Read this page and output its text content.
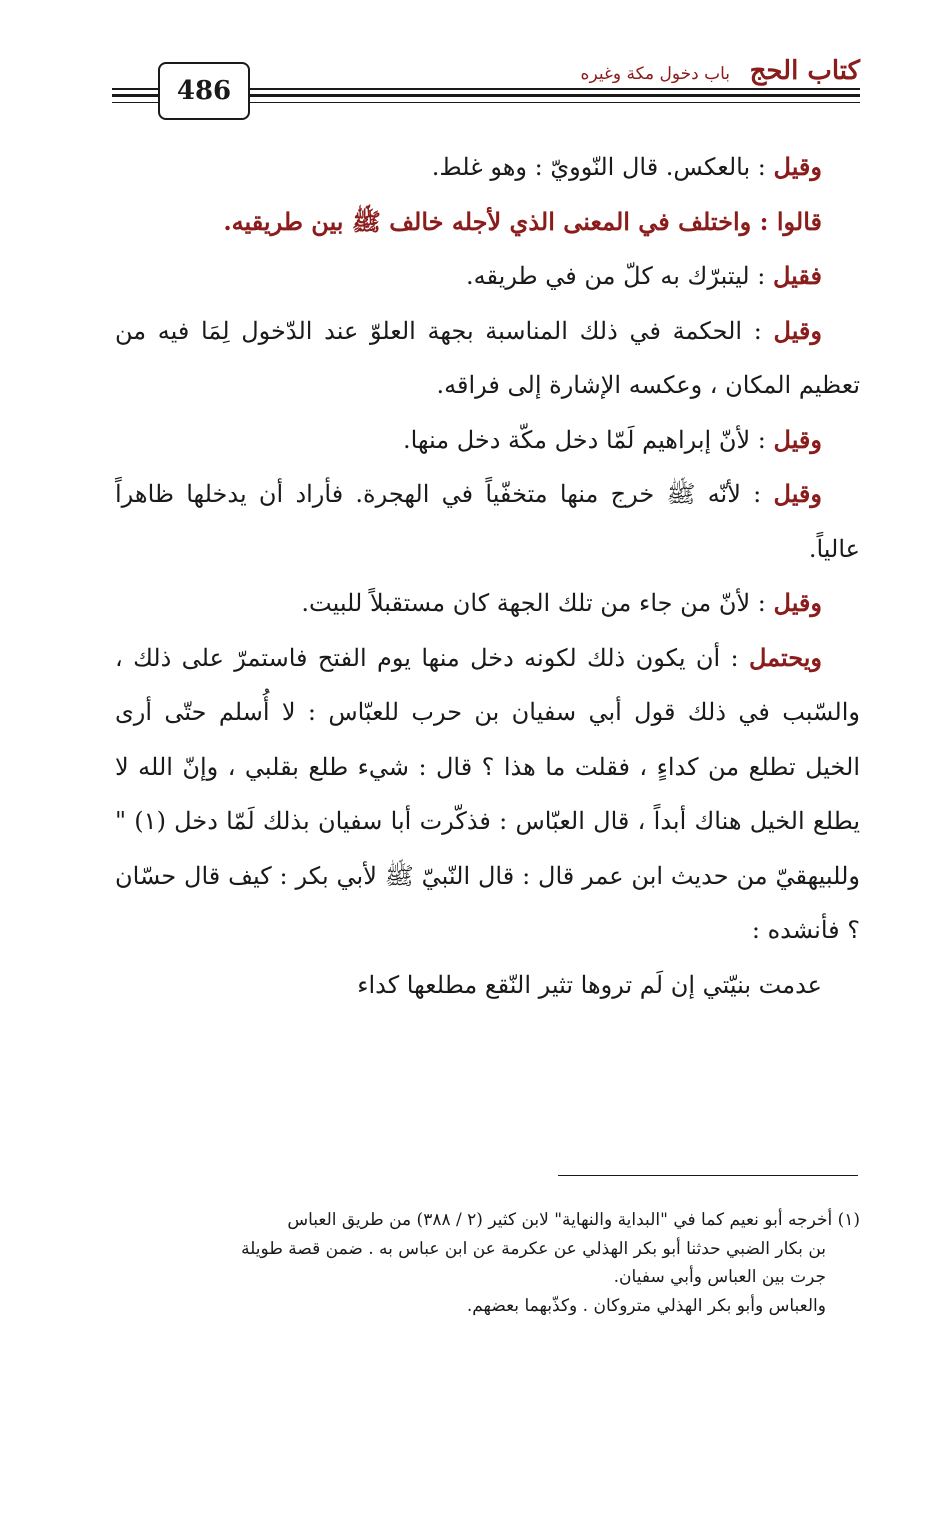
كتاب الحج
باب دخول مكة وغيره
486

وقيل : بالعكس. قال النّوويّ : وهو غلط.

قالوا : واختلف في المعنى الذي لأجله خالف ﷺ بين طريقيه.

فقيل : ليتبرّك به كلّ من في طريقه.

وقيل : الحكمة في ذلك المناسبة بجهة العلوّ عند الدّخول لِمَا فيه من تعظيم المكان ، وعكسه الإشارة إلى فراقه.

وقيل : لأنّ إبراهيم لَمّا دخل مكّة دخل منها.

وقيل : لأنّه ﷺ خرج منها متخفّياً في الهجرة. فأراد أن يدخلها ظاهراً عالياً.

وقيل : لأنّ من جاء من تلك الجهة كان مستقبلاً للبيت.

ويحتمل : أن يكون ذلك لكونه دخل منها يوم الفتح فاستمرّ على ذلك ، والسّبب في ذلك قول أبي سفيان بن حرب للعبّاس : لا أُسلم حتّى أرى الخيل تطلع من كداءٍ ، فقلت ما هذا ؟ قال : شيء طلع بقلبي ، وإنّ الله لا يطلع الخيل هناك أبداً ، قال العبّاس : فذكّرت أبا سفيان بذلك لَمّا دخل (١) " وللبيهقيّ من حديث ابن عمر قال : قال النّبيّ ﷺ لأبي بكر : كيف قال حسّان ؟ فأنشده :

عدمت بنيّتي إن لَم تروها تثير النّقع مطلعها كداء

(١) أخرجه أبو نعيم كما في "البداية والنهاية" لابن كثير (٢ / ٣٨٨) من طريق العباس

بن بكار الضبي حدثنا أبو بكر الهذلي عن عكرمة عن ابن عباس به . ضمن قصة طويلة

جرت بين العباس وأبي سفيان.

والعباس وأبو بكر الهذلي متروكان . وكذّبهما بعضهم.
